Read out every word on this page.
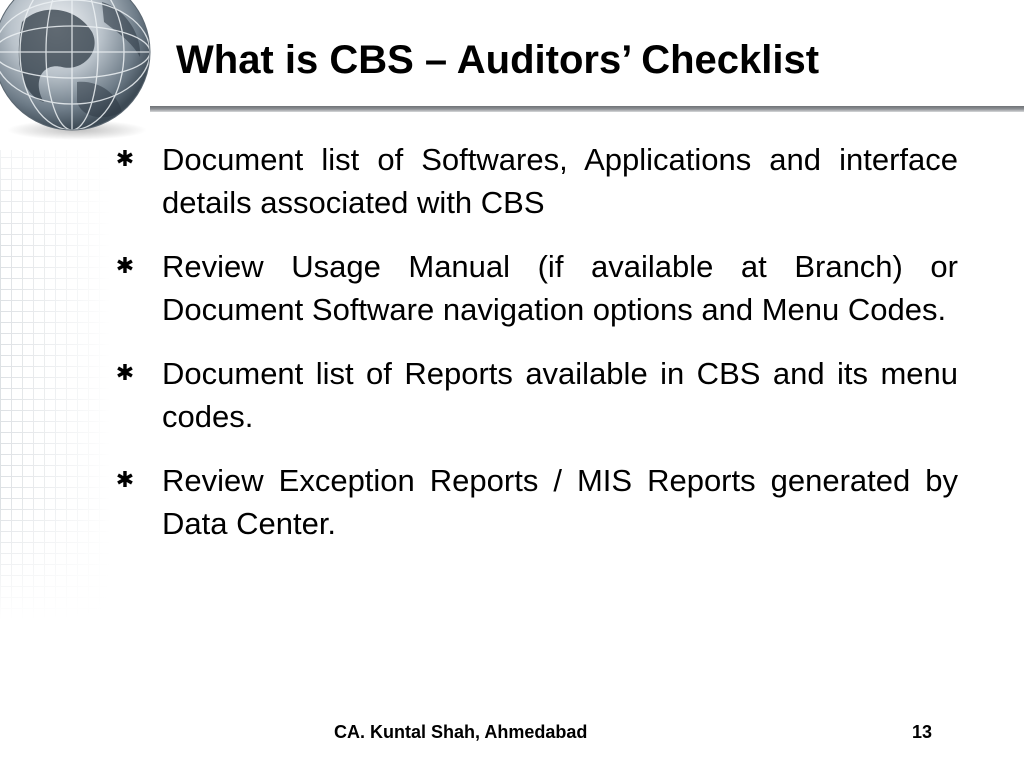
What is CBS – Auditors’ Checklist
✱ Document list of Softwares, Applications and interface details associated with CBS
✱ Review Usage Manual (if available at Branch) or Document Software navigation options and Menu Codes.
✱ Document list of Reports available in CBS and its menu codes.
✱ Review Exception Reports / MIS Reports generated by Data Center.
CA. Kuntal Shah, Ahmedabad	13
